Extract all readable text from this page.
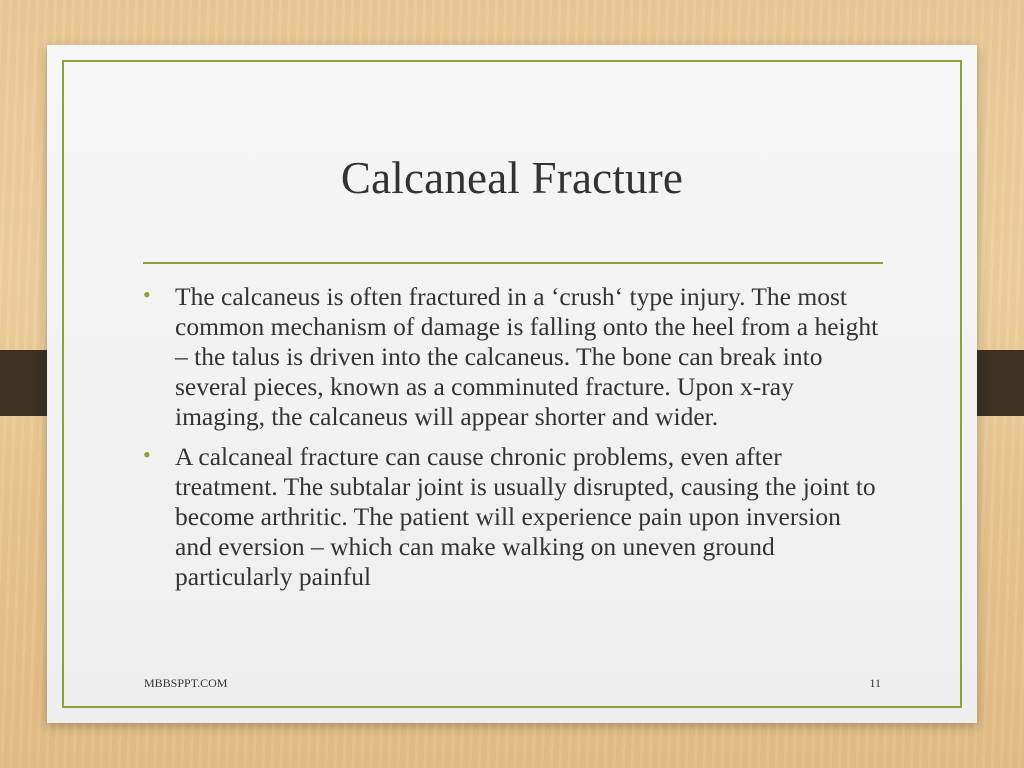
Calcaneal Fracture
• The calcaneus is often fractured in a ‘crush‘ type injury. The most common mechanism of damage is falling onto the heel from a height – the talus is driven into the calcaneus. The bone can break into several pieces, known as a comminuted fracture. Upon x-ray imaging, the calcaneus will appear shorter and wider.
• A calcaneal fracture can cause chronic problems, even after treatment. The subtalar joint is usually disrupted, causing the joint to become arthritic. The patient will experience pain upon inversion and eversion – which can make walking on uneven ground particularly painful
MBBSPPT.COM	11
